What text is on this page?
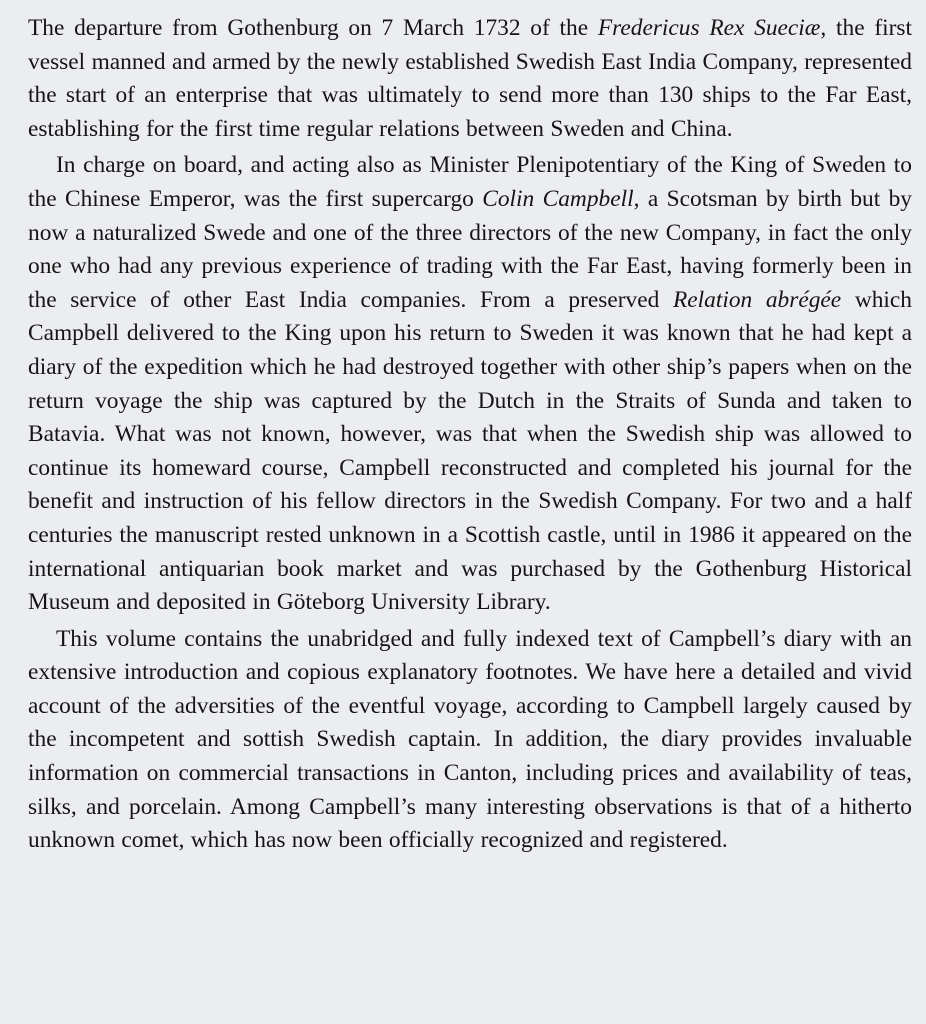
The departure from Gothenburg on 7 March 1732 of the Fredericus Rex Sueciæ, the first vessel manned and armed by the newly established Swedish East India Company, represented the start of an enterprise that was ultimately to send more than 130 ships to the Far East, establishing for the first time regular relations between Sweden and China.

In charge on board, and acting also as Minister Plenipotentiary of the King of Sweden to the Chinese Emperor, was the first supercargo Colin Campbell, a Scotsman by birth but by now a naturalized Swede and one of the three directors of the new Company, in fact the only one who had any previous experience of trading with the Far East, having formerly been in the service of other East India companies. From a preserved Relation abrégée which Campbell delivered to the King upon his return to Sweden it was known that he had kept a diary of the expedition which he had destroyed together with other ship’s papers when on the return voyage the ship was captured by the Dutch in the Straits of Sunda and taken to Batavia. What was not known, however, was that when the Swedish ship was allowed to continue its homeward course, Campbell reconstructed and completed his journal for the benefit and instruction of his fellow directors in the Swedish Company. For two and a half centuries the manuscript rested unknown in a Scottish castle, until in 1986 it appeared on the international antiquarian book market and was purchased by the Gothenburg Historical Museum and deposited in Göteborg University Library.

This volume contains the unabridged and fully indexed text of Campbell’s diary with an extensive introduction and copious explanatory footnotes. We have here a detailed and vivid account of the adversities of the eventful voyage, according to Campbell largely caused by the incompetent and sottish Swedish captain. In addition, the diary provides invaluable information on commercial transactions in Canton, including prices and availability of teas, silks, and porcelain. Among Campbell’s many interesting observations is that of a hitherto unknown comet, which has now been officially recognized and registered.
